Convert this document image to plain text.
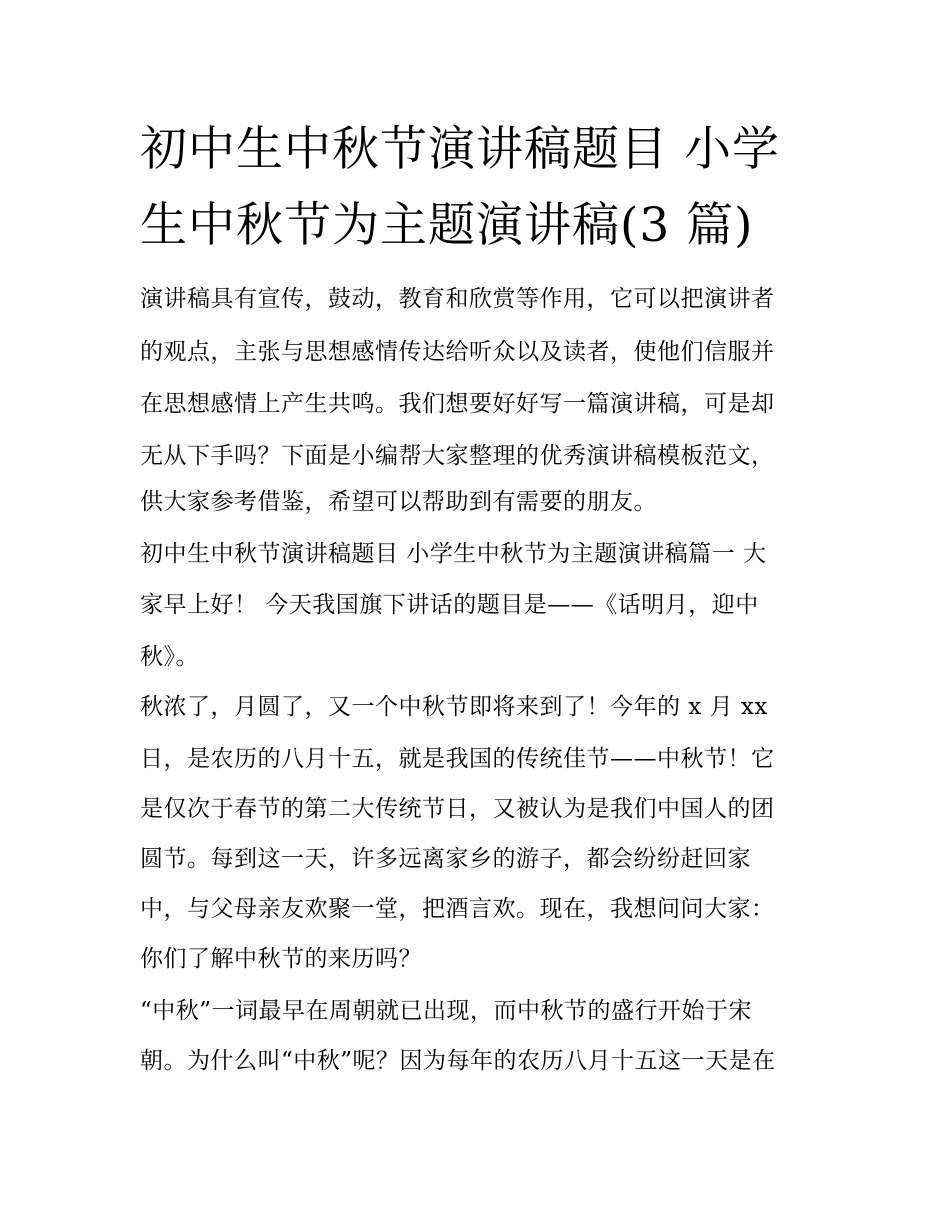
初中生中秋节演讲稿题目 小学生中秋节为主题演讲稿(3 篇)

演讲稿具有宣传，鼓动，教育和欣赏等作用，它可以把演讲者

的观点，主张与思想感情传达给听众以及读者，使他们信服并

在思想感情上产生共鸣。我们想要好好写一篇演讲稿，可是却

无从下手吗？下面是小编帮大家整理的优秀演讲稿模板范文，

供大家参考借鉴，希望可以帮助到有需要的朋友。

初中生中秋节演讲稿题目 小学生中秋节为主题演讲稿篇一 大

家早上好！ 今天我国旗下讲话的题目是——《话明月，迎中

秋》。

秋浓了，月圆了，又一个中秋节即将来到了！今年的 x 月 xx

日，是农历的八月十五，就是我国的传统佳节——中秋节！它

是仅次于春节的第二大传统节日，又被认为是我们中国人的团

圆节。每到这一天，许多远离家乡的游子，都会纷纷赶回家

中，与父母亲友欢聚一堂，把酒言欢。现在，我想问问大家：

你们了解中秋节的来历吗？

“中秋”一词最早在周朝就已出现，而中秋节的盛行开始于宋

朝。为什么叫“中秋”呢？因为每年的农历八月十五这一天是在
